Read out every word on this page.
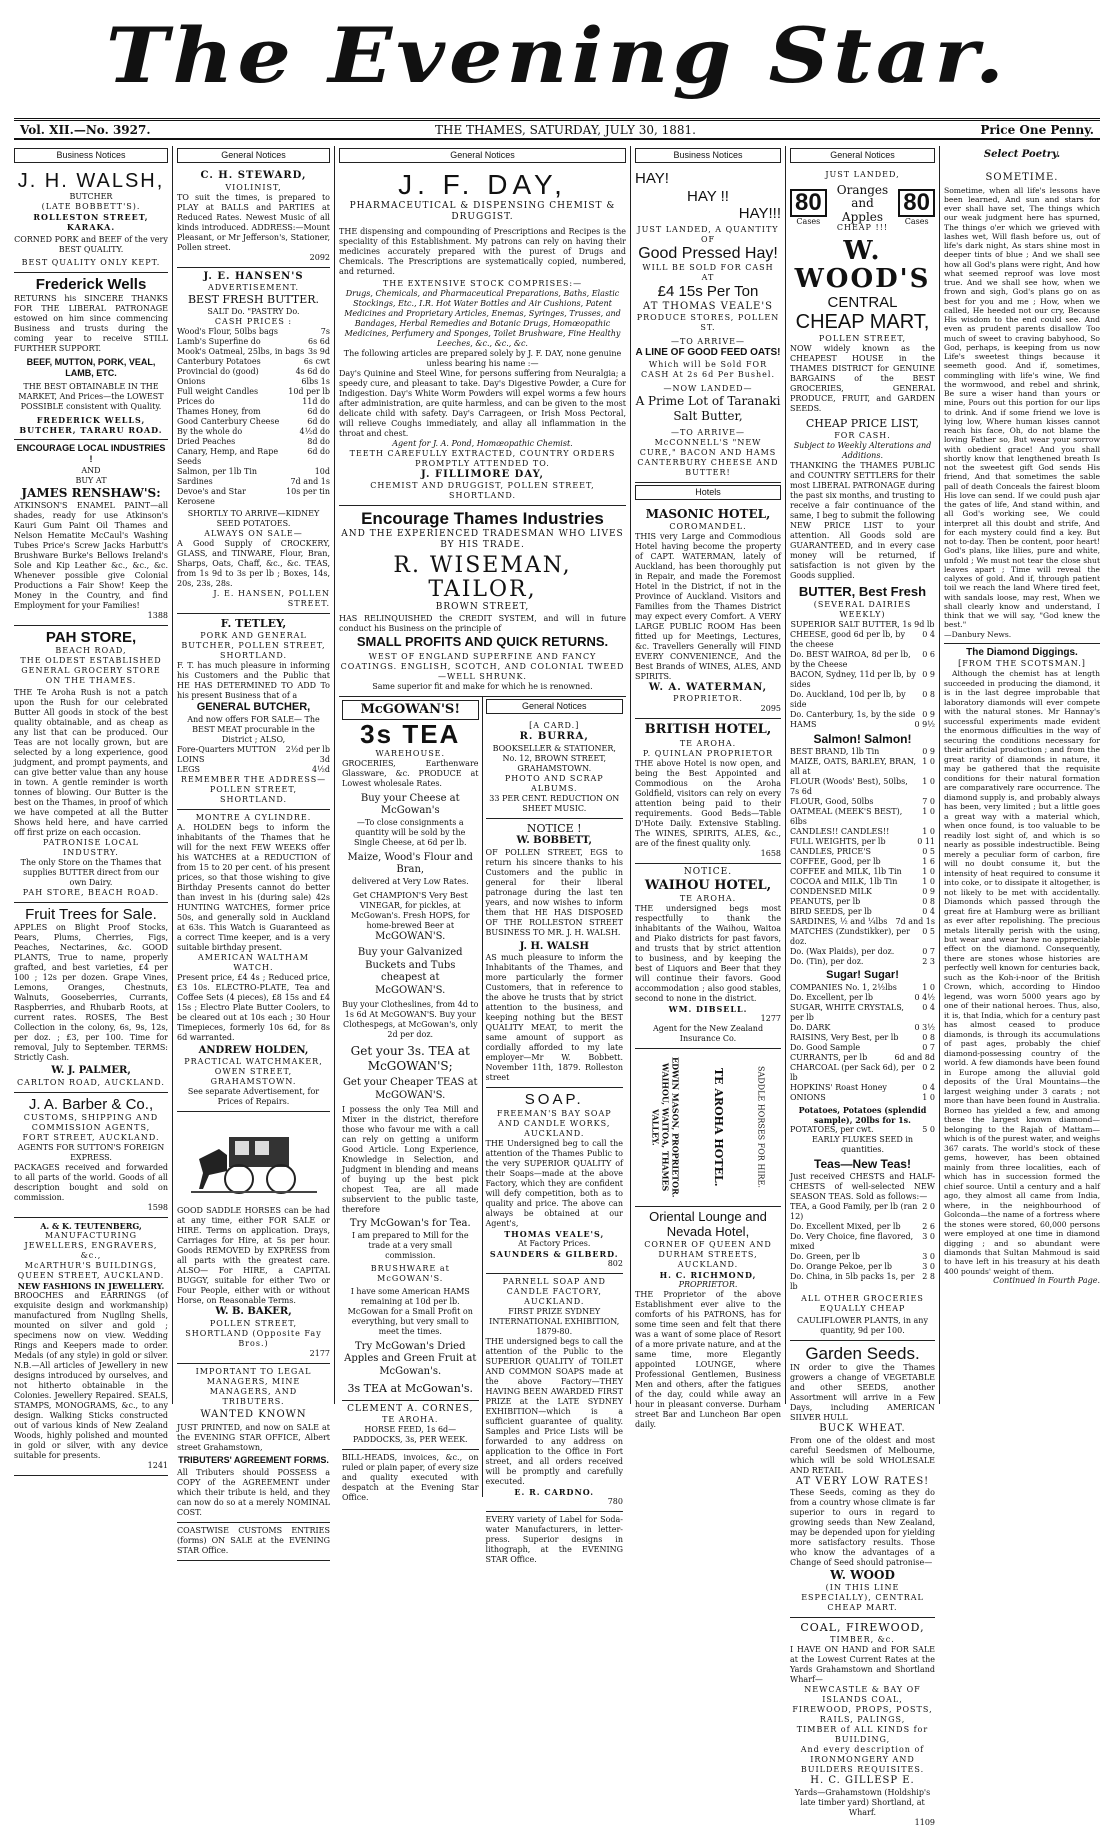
The Evening Star.
Vol. XII.—No. 3927.	THE THAMES, SATURDAY, JULY 30, 1881.	Price One Penny.
Business Notices
J. H. WALSH,
BUTCHER
(LATE BOBBETT'S).
ROLLESTON STREET, KARAKA.
CORNED PORK and BEEF of the very BEST QUALITY.
BEST QUALITY ONLY KEPT.
Frederick Wells
RETURNS his SINCERE THANKS FOR THE LIBERAL PATRONAGE estowed on him since commencing Business and trusts during the coming year to receive STILL FURTHER SUPPORT.
BEEF, MUTTON, PORK, VEAL, LAMB, ETC.
THE BEST OBTAINABLE IN THE MARKET, And Prices—the LOWEST POSSIBLE consistent with Quality.
FREDERICK WELLS, BUTCHER, TARARU ROAD.
ENCOURAGE LOCAL INDUSTRIES !
AND
BUY AT
JAMES RENSHAW'S:
ATKINSON'S ENAMEL PAINT—all shades, ready for use Atkinson's Kauri Gum Paint Oil Thames and Nelson Hematite McCaul's Washing Tubes Price's Screw Jacks Harbutt's Brushware Burke's Bellows Ireland's Sole and Kip Leather &c., &c., &c. Whenever possible give Colonial Productions a Fair Show! Keep the Money in the Country, and find Employment for your Families!
1388
PAH STORE,
BEACH ROAD,
THE OLDEST ESTABLISHED GENERAL GROCERY STORE ON THE THAMES.
THE Te Aroha Rush is not a patch upon the Rush for our celebrated Butter All goods in stock of the best quality obtainable, and as cheap as any list that can be produced. Our Teas are not locally grown, but are selected by a long experience, good judgment, and prompt payments, and can give better value than any house in town. A gentle reminder is worth tonnes of blowing. Our Butter is the best on the Thames, in proof of which we have competed at all the Butter Shows held here, and have carried off first prize on each occasion.
PATRONISE LOCAL INDUSTRY.
The only Store on the Thames that supplies BUTTER direct from our own Dairy.
PAH STORE, BEACH ROAD.
Fruit Trees for Sale.
APPLES on Blight Proof Stocks, Pears, Plums, Cherries, Figs, Peaches, Nectarines, &c. GOOD PLANTS, True to name, properly grafted, and best varieties, £4 per 100 ; 12s per dozen. Grape Vines, Lemons, Oranges, Chestnuts, Walnuts, Gooseberries, Currants, Raspberries, and Rhubarb Roots, at current rates. ROSES, The Best Collection in the colony, 6s, 9s, 12s, per doz. ; £3, per 100. Time for removal, July to September. TERMS: Strictly Cash.
W. J. PALMER,
CARLTON ROAD, AUCKLAND.
J. A. Barber & Co.,
CUSTOMS, SHIPPING AND COMMISSION AGENTS,
FORT STREET, AUCKLAND.
AGENTS FOR SUTTON'S FOREIGN EXPRESS.
PACKAGES received and forwarded to all parts of the world. Goods of all description bought and sold on commission.
1598
A. & K. TEUTENBERG,
MANUFACTURING JEWELLERS, ENGRAVERS, &c.,
McARTHUR'S BUILDINGS, QUEEN STREET, AUCKLAND.
NEW FASHIONS IN JEWELLERY.
BROOCHES and EARRINGS (of exquisite design and workmanship) manufactured from Nugllng Shells, mounted on silver and gold ; specimens now on view. Wedding Rings and Keepers made to order. Medals (of any style) in gold or silver. N.B.—All articles of Jewellery in new designs introduced by ourselves, and not hitherto obtainable in the Colonies. Jewellery Repaired. SEALS, STAMPS, MONOGRAMS, &c., to any design. Walking Sticks constructed out of various kinds of New Zealand Woods, highly polished and mounted in gold or silver, with any device suitable for presents.
1241
General Notices
C. H. STEWARD,
VIOLINIST,
TO suit the times, is prepared to PLAY at BALLS and PARTIES at Reduced Rates. Newest Music of all kinds introduced. ADDRESS:—Mount Pleasant, or Mr Jefferson's, Stationer, Pollen street.
2092
J. E. HANSEN'S
ADVERTISEMENT.
BEST FRESH BUTTER.
SALT Do. "PASTRY Do.
CASH PRICES :
Wood's Flour, 50lbs bags	7s
Lamb's Superfine do	6s 6d
Mook's Oatmeal, 25lbs, in bags 3s 9d
Canterbury Potatoes	6s cwt
Provincial do (good)	4s 6d do
Onions	6lbs 1s
Full weight Candles	10d per lb
Prices do	11d do
Thames Honey, from	6d do
Good Canterbury Cheese	6d do
By the whole do	4½d do
Dried Peaches	8d do
Canary, Hemp, and Rape Seeds
6d do
Salmon, per 1lb Tin	10d
Sardines	7d and 1s
Devoe's and Star Kerosene
10s per tin
SHORTLY TO ARRIVE—KIDNEY SEED POTATOES.
ALWAYS ON SALE—
A Good Supply of CROCKERY, GLASS, and TINWARE, Flour, Bran, Sharps, Oats, Chaff, &c., &c. TEAS, from 1s 9d to 3s per lb ; Boxes, 14s, 20s, 23s, 28s.
J. E. HANSEN, POLLEN STREET.
F. TETLEY,
PORK AND GENERAL BUTCHER, POLLEN STREET, SHORTLAND.
F. T. has much pleasure in informing his Customers and the Public that HE HAS DETERMINED TO ADD To his present Business that of a
GENERAL BUTCHER,
And now offers FOR SALE— The BEST MEAT procurable in the District ; ALSO,
Fore-Quarters MUTTON	2½d per lb
LOINS	3d
LEGS	4½d
REMEMBER THE ADDRESS— POLLEN STREET, SHORTLAND.
MONTRE A CYLINDRE.
A. HOLDEN begs to inform the inhabitants of the Thames that he will for the next FEW WEEKS offer his WATCHES at a REDUCTION of from 15 to 20 per cent. of his present prices, so that those wishing to give Birthday Presents cannot do better than invest in his (during sale) 42s HUNTING WATCHES, former price 50s, and generally sold in Auckland at 63s. This Watch is Guaranteed as a correct Time keeper, and is a very suitable birthday present.
AMERICAN WALTHAM WATCH.
Present price, £4 4s ; Reduced price, £3 10s. ELECTRO-PLATE, Tea and Coffee Sets (4 pieces), £8 15s and £4 15s ; Electro Plate Butter Coolers, to be cleared out at 10s each ; 30 Hour Timepieces, formerly 10s 6d, for 8s 6d warranted.
ANDREW HOLDEN,
PRACTICAL WATCHMAKER, OWEN STREET, GRAHAMSTOWN.
See separate Advertisement, for Prices of Repairs.
GOOD SADDLE HORSES can be had at any time, either FOR SALE or HIRE. Terms on application. Drays, Carriages for Hire, at 5s per hour. Goods REMOVED by EXPRESS from all parts with the greatest care. ALSO— For HIRE, a CAPITAL BUGGY, suitable for either Two or Four People, either with or without Horse, on Reasonable Terms.
W. B. BAKER,
POLLEN STREET, SHORTLAND (Opposite Fay Bros.)
2177
IMPORTANT TO LEGAL MANAGERS, MINE MANAGERS, AND TRIBUTERS.
WANTED KNOWN
JUST PRINTED, and now on SALE at the EVENING STAR OFFICE, Albert street Grahamstown,
TRIBUTERS' AGREEMENT FORMS.
All Tributers should POSSESS a COPY of the AGREEMENT under which their tribute is held, and they can now do so at a merely NOMINAL COST.
COASTWISE CUSTOMS ENTRIES (forms) ON SALE at the EVENING STAR Office.
General Notices
J. F. DAY,
PHARMACEUTICAL & DISPENSING CHEMIST & DRUGGIST.
THE dispensing and compounding of Prescriptions and Recipes is the speciality of this Establishment. My patrons can rely on having their medicines accurately prepared with the purest of Drugs and Chemicals. The Prescriptions are systematically copied, numbered, and returned.
THE EXTENSIVE STOCK COMPRISES:—
Drugs, Chemicals, and Pharmaceutical Preparations, Baths, Elastic Stockings, Etc., I.R. Hot Water Bottles and Air Cushions, Patent Medicines and Proprietary Articles, Enemas, Syringes, Trusses, and Bandages, Herbal Remedies and Botanic Drugs, Homœopathic Medicines, Perfumery and Sponges, Toilet Brushware, Fine Healthy Leeches, &c., &c., &c.
The following articles are prepared solely by J. F. DAY, none genuine unless bearing his name :—
Day's Quinine and Steel Wine, for persons suffering from Neuralgia; a speedy cure, and pleasant to take. Day's Digestive Powder, a Cure for Indigestion. Day's White Worm Powders will expel worms a few hours after administration, are quite harmless, and can be given to the most delicate child with safety. Day's Carrageen, or Irish Moss Pectoral, will relieve Coughs immediately, and allay all inflammation in the throat and chest.
Agent for J. A. Pond, Homœopathic Chemist.
TEETH CAREFULLY EXTRACTED, COUNTRY ORDERS PROMPTLY ATTENDED TO.
J. FILLIMORE DAY,
CHEMIST AND DRUGGIST, POLLEN STREET, SHORTLAND.
Encourage Thames Industries
AND THE EXPERIENCED TRADESMAN WHO LIVES BY HIS TRADE.
R. WISEMAN, TAILOR,
BROWN STREET,
HAS RELINQUISHED the CREDIT SYSTEM, and will in future conduct his Business on the principle of
SMALL PROFITS AND QUICK RETURNS.
WEST OF ENGLAND SUPERFINE AND FANCY COATINGS. ENGLISH, SCOTCH, AND COLONIAL TWEED—WELL SHRUNK.
Same superior fit and make for which he is renowned.
McGOWAN'S!
3s TEA
WAREHOUSE.
GROCERIES, Earthenware Glassware, &c. PRODUCE at Lowest wholesale Rates.
Buy your Cheese at McGowan's
—To close consignments a quantity will be sold by the Single Cheese, at 6d per lb.
Maize, Wood's Flour and Bran,
delivered at Very Low Rates.
Get CHAMPION'S Very Best VINEGAR, for pickles, at McGowan's. Fresh HOPS, for home-brewed Beer at
McGOWAN'S.
Buy your Galvanized Buckets and Tubs cheapest at
McGOWAN'S.
Buy your Clotheslines, from 4d to 1s 6d At McGOWAN'S. Buy your Clothespegs, at McGowan's, only 2d per doz.
Get your 3s. TEA at McGOWAN'S;
Get your Cheaper TEAS at McGOWAN'S.
I possess the only Tea Mill and Mixer in the district, therefore those who favour me with a call can rely on getting a uniform Good Article. Long Experience, Knowledge in Selection, and Judgment in blending and means of buying up the best pick chopest Tea, are all made subservient to the public taste, therefore
Try McGowan's for Tea.
I am prepared to Mill for the trade at a very small commission.
BRUSHWARE at McGOWAN'S.
I have some American HAMS remaining at 10d per lb. McGowan for a Small Profit on everything, but very small to meet the times.
Try McGowan's Dried Apples and Green Fruit at McGowan's.
3s TEA at McGowan's.
CLEMENT A. CORNES,
TE AROHA.
HORSE FEED, 1s 6d—PADDOCKS, 3s, PER WEEK.
BILL-HEADS, invoices, &c., on ruled or plain paper, of every size and quality executed with despatch at the Evening Star Office.
General Notices
[A CARD.]
R. BURRA,
BOOKSELLER & STATIONER, No. 12, BROWN STREET, GRAHAMSTOWN.
PHOTO AND SCRAP ALBUMS.
33 PER CENT. REDUCTION ON SHEET MUSIC.
NOTICE !
W. BOBBETT,
OF POLLEN STREET, EGS to return his sincere thanks to his Customers and the public in general for their liberal patronage during the last ten years, and now wishes to inform them that HE HAS DISPOSED OF THE ROLLESTON STREET BUSINESS TO MR. J. H. WALSH.
J. H. WALSH
AS much pleasure to inform the Inhabitants of the Thames, and more particularly the former Customers, that in reference to the above he trusts that by strict attention to the business, and keeping nothing but the BEST QUALITY MEAT, to merit the same amount of support as cordially afforded to my late employer—Mr W. Bobbett. November 11th, 1879. Rolleston street
SOAP.
FREEMAN'S BAY SOAP AND CANDLE WORKS, AUCKLAND.
THE Undersigned beg to call the attention of the Thames Public to the very SUPERIOR QUALITY of their Soaps—made at the above Factory, which they are confident will defy competition, both as to quality and price. The above can always be obtained at our Agent's,
THOMAS VEALE'S,
At Factory Prices.
SAUNDERS & GILBERD.
802
PARNELL SOAP AND CANDLE FACTORY, AUCKLAND.
FIRST PRIZE SYDNEY INTERNATIONAL EXHIBITION, 1879-80.
THE undersigned begs to call the attention of the Public to the SUPERIOR QUALITY of TOILET AND COMMON SOAPS made at the above Factory—THEY HAVING BEEN AWARDED FIRST PRIZE at the LATE SYDNEY EXHIBITION—which is a sufficient guarantee of quality. Samples and Price Lists will be forwarded to any address on application to the Office in Fort street, and all orders received will be promptly and carefully executed.
E. R. CARDNO.
780
EVERY variety of Label for Soda-water Manufacturers, in letter-press. Superior designs in lithograph, at the EVENING STAR Office.
Business Notices
HAY!
HAY !!
HAY!!!
JUST LANDED, A QUANTITY OF
Good Pressed Hay!
WILL BE SOLD FOR CASH AT
£4 15s Per Ton
AT THOMAS VEALE'S
PRODUCE STORES, POLLEN ST.
—TO ARRIVE—
A LINE OF GOOD FEED OATS!
Which will be Sold FOR CASH At 2s 6d Per Bushel.
—NOW LANDED—
A Prime Lot of Taranaki Salt Butter,
—TO ARRIVE—
McCONNELL'S "NEW CURE," BACON AND HAMS CANTERBURY CHEESE AND BUTTER!
Hotels
MASONIC HOTEL,
COROMANDEL.
THIS very Large and Commodious Hotel having become the property of CAPT. WATERMAN, lately of Auckland, has been thoroughly put in Repair, and made the Foremost Hotel in the District, if not in the Province of Auckland. Visitors and Families from the Thames District may expect every Comfort. A VERY LARGE PUBLIC ROOM Has been fitted up for Meetings, Lectures, &c. Travellers Generally will FIND EVERY CONVENIENCE, And the Best Brands of WINES, ALES, AND SPIRITS.
W. A. WATERMAN,
PROPRIETOR.
2095
BRITISH HOTEL,
TE AROHA.
P. QUINLAN PROPRIETOR
THE above Hotel is now open, and being the Best Appointed and Commodious on the Aroha Goldfield, visitors can rely on every attention being paid to their requirements. Good Beds—Table D'Hote Daily. Extensive Stabling. The WINES, SPIRITS, ALES, &c., are of the finest quality only.
1658
NOTICE.
WAIHOU HOTEL,
TE AROHA.
THE undersigned begs most respectfully to thank the inhabitants of the Waihou, Waitoa and Piako districts for past favors, and trusts that by strict attention to business, and by keeping the best of Liquors and Beer that they will continue their favors. Good accommodation ; also good stables, second to none in the district.
WM. DIBSELL.
1277
Agent for the New Zealand Insurance Co.
EDWIN MASON, PROPRIETOR. WAIHOU, WAITOA, THAMES VALLEY.	TE AROHA HOTEL.	SADDLE HORSES FOR HIRE.
Oriental Lounge and Nevada Hotel,
CORNER OF QUEEN AND DURHAM STREETS, AUCKLAND.
H. C. RICHMOND,
PROPRIETOR.
THE Proprietor of the above Establishment ever alive to the comforts of his PATRONS, has for some time seen and felt that there was a want of some place of Resort of a more private nature, and at the same time, more Elegantly appointed LOUNGE, where Professional Gentlemen, Business Men and others, after the fatigues of the day, could while away an hour in pleasant converse. Durham street Bar and Luncheon Bar open daily.
General Notices
JUST LANDED,
80
Cases
Oranges and Apples
CHEAP !!!
80
Cases
W. WOOD'S
CENTRAL
CHEAP MART,
POLLEN STREET,
NOW widely known as the CHEAPEST HOUSE in the THAMES DISTRICT for GENUINE BARGAINS of the BEST GROCERIES, GENERAL PRODUCE, FRUIT, and GARDEN SEEDS.
CHEAP PRICE LIST,
FOR CASH.
Subject to Weekly Alterations and Additions.
THANKING the THAMES PUBLIC and COUNTRY SETTLERS for their most LIBERAL PATRONAGE during the past six months, and trusting to receive a fair continuance of the same, I beg to submit the following NEW PRICE LIST to your attention. All Goods sold are GUARANTEED, and in every case money will be returned, if satisfaction is not given by the Goods supplied.
BUTTER, Best Fresh
(SEVERAL DAIRIES WEEKLY)
SUPERIOR SALT BUTTER, 1s 9d lb
CHEESE, good 6d per lb, by the cheese
0 4
Do. BEST WAIROA, 8d per lb, by the Cheese
0 6
BACON, Sydney, 11d per lb, by sides
0 9
Do. Auckland, 10d per lb, by side
0 8
Do. Canterbury, 1s, by the side 0 9
HAMS	0 9½
Salmon! Salmon!
BEST BRAND, 1lb Tin	0 9
MAIZE, OATS, BARLEY, BRAN, all at
1 0
FLOUR (Woods' Best), 50lbs, 7s 6d
1 0
FLOUR, Good, 50lbs	7 0
OATMEAL (MEEK'S BEST), 6lbs
1 0
CANDLES!! CANDLES!!	1 0
FULL WEIGHTS, per lb	0 11
CANDLES, PRICE'S	0 5
COFFEE, Good, per lb	1 6
COFFEE and MILK, 1lb Tin	1 0
COCOA and MILK, 1lb Tin	1 0
CONDENSED MILK	0 9
PEANUTS, per lb	0 8
BIRD SEEDS, per lb	0 4
SARDINES, ½ and ¼lbs	7d and 1s
MATCHES (Zundstikker), per doz.
0 5
Do. (Wax Plaids), per doz.	0 7
Do. (Tin), per doz.	2 3
Sugar! Sugar!
COMPANIES No. 1, 2½lbs	1 0
Do. Excellent, per lb	0 4½
SUGAR, WHITE CRYSTALS, per lb
0 4
Do. DARK	0 3½
RAISINS, Very Best, per lb	0 8
Do. Good Sample	0 7
CURRANTS, per lb	6d and 8d
CHARCOAL (per Sack 6d), per lb
0 2
HOPKINS' Roast Honey	0 4
ONIONS	1 0
Potatoes, Potatoes (splendid sample), 20lbs for 1s.
POTATOES, per cwt.	5 0
EARLY FLUKES SEED in quantities.
Teas—New Teas!
Just received CHESTS and HALF-CHESTS of well-selected NEW SEASON TEAS. Sold as follows:—
TEA, a Good Family, per lb (ran 12)
2 0
Do. Excellent Mixed, per lb	2 6
Do. Very Choice, fine flavored, mixed
3 0
Do. Green, per lb	3 0
Do. Orange Pekoe, per lb	3 0
Do. China, in 5lb packs 1s, per lb
2 8
ALL OTHER GROCERIES EQUALLY CHEAP
CAULIFLOWER PLANTS, in any quantity, 9d per 100.
Garden Seeds.
IN order to give the Thames growers a change of VEGETABLE and other SEEDS, another Assortment will arrive in a Few Days, including AMERICAN SILVER HULL
BUCK WHEAT.
From one of the oldest and most careful Seedsmen of Melbourne, which will be sold WHOLESALE AND RETAIL
AT VERY LOW RATES!
These Seeds, coming as they do from a country whose climate is far superior to ours in regard to growing seeds than New Zealand, may be depended upon for yielding more satisfactory results. Those who know the advantages of a Change of Seed should patronise—
W. WOOD
(IN THIS LINE ESPECIALLY), CENTRAL CHEAP MART.
COAL, FIREWOOD,
TIMBER, &c.
I HAVE ON HAND and FOR SALE at the Lowest Current Rates at the Yards Grahamstown and Shortland Wharf—
NEWCASTLE & BAY OF ISLANDS COAL,
FIREWOOD, PROPS, POSTS, RAILS, PALINGS,
TIMBER of ALL KINDS for BUILDING,
And every description of IRONMONGERY AND BUILDERS REQUISITES.
H. C. GILLESP E.
Yards—Grahamstown (Holdship's late timber yard) Shortland, at Wharf.
1109
Select Poetry.
SOMETIME.
Sometime, when all life's lessons have been learned, And sun and stars for ever shall have set, The things which our weak judgment here has spurned, The things o'er which we grieved with lashes wet, Will flash before us, out of life's dark night, As stars shine most in deeper tints of blue ; And we shall see how all God's plans were right, And how what seemed reproof was love most true. And we shall see how, when we frown and sigh, God's plans go on as best for you and me ; How, when we called, He heeded not our cry, Because His wisdom to the end could see. And even as prudent parents disallow Too much of sweet to craving babyhood, So God, perhaps, is keeping from us now Life's sweetest things because it seemeth good. And if, sometimes, commingling with life's wine, We find the wormwood, and rebel and shrink, Be sure a wiser hand than yours or mine, Pours out this portion for our lips to drink. And if some friend we love is lying low, Where human kisses cannot reach his face, Oh, do not blame the loving Father so, But wear your sorrow with obedient grace! And you shall shortly know that lengthened breath Is not the sweetest gift God sends His friend, And that sometimes the sable pall of death Conceals the fairest bloom His love can send. If we could push ajar the gates of life, And stand within, and all God's working see, We could interpret all this doubt and strife, And for each mystery could find a key. But not to-day. Then be content, poor heart! God's plans, like lilies, pure and white, unfold ; We must not tear the close shut leaves apart ; Time will reveal the calyxes of gold. And if, through patient toil we reach the land Where tired feet, with sandals loose, may rest, When we shall clearly know and understand, I think that we will say, "God knew the best."
—Danbury News.
The Diamond Diggings.
[FROM THE SCOTSMAN.]
Although the chemist has at length succeeded in producing the diamond, it is in the last degree improbable that laboratory diamonds will ever compete with the natural stones. Mr Hannay's successful experiments made evident the enormous difficulties in the way of securing the conditions necessary for their artificial production ; and from the great rarity of diamonds in nature, it may be gathered that the requisite conditions for their natural formation are comparatively rare occurrence. The diamond supply is, and probably always has been, very limited ; but a little goes a great way with a material which, when once found, is too valuable to be readily lost sight of, and which is so nearly as possible indestructible. Being merely a peculiar form of carbon, fire will no doubt consume it, but the intensity of heat required to consume it into coke, or to dissipate it altogether, is not likely to be met with accidentally. Diamonds which passed through the great fire at Hamburg were as brilliant as ever after repolishing. The precious metals literally perish with the using, but wear and wear have no appreciable effect on the diamond. Consequently, there are stones whose histories are perfectly well known for centuries back, such as the Koh-i-noor of the British Crown, which, according to Hindoo legend, was worn 5000 years ago by one of their national heroes. Thus, also, it is, that India, which for a century past has almost ceased to produce diamonds, is through its accumulations of past ages, probably the chief diamond-possessing country of the world. A few diamonds have been found in Europe among the alluvial gold deposits of the Ural Mountains—the largest weighing under 3 carats ; not more than have been found in Australia. Borneo has yielded a few, and among these the largest known diamond—belonging to the Rajah of Mattam—which is of the purest water, and weighs 367 carats. The world's stock of these gems, however, has been obtained mainly from three localities, each of which has in succession formed the chief source. Until a century and a half ago, they almost all came from India, where, in the neighbourhood of Golconda—the name of a fortress where the stones were stored, 60,000 persons were employed at one time in diamond digging ; and so abundant were diamonds that Sultan Mahmoud is said to have left in his treasury at his death 400 pounds' weight of them.
Continued in Fourth Page.
